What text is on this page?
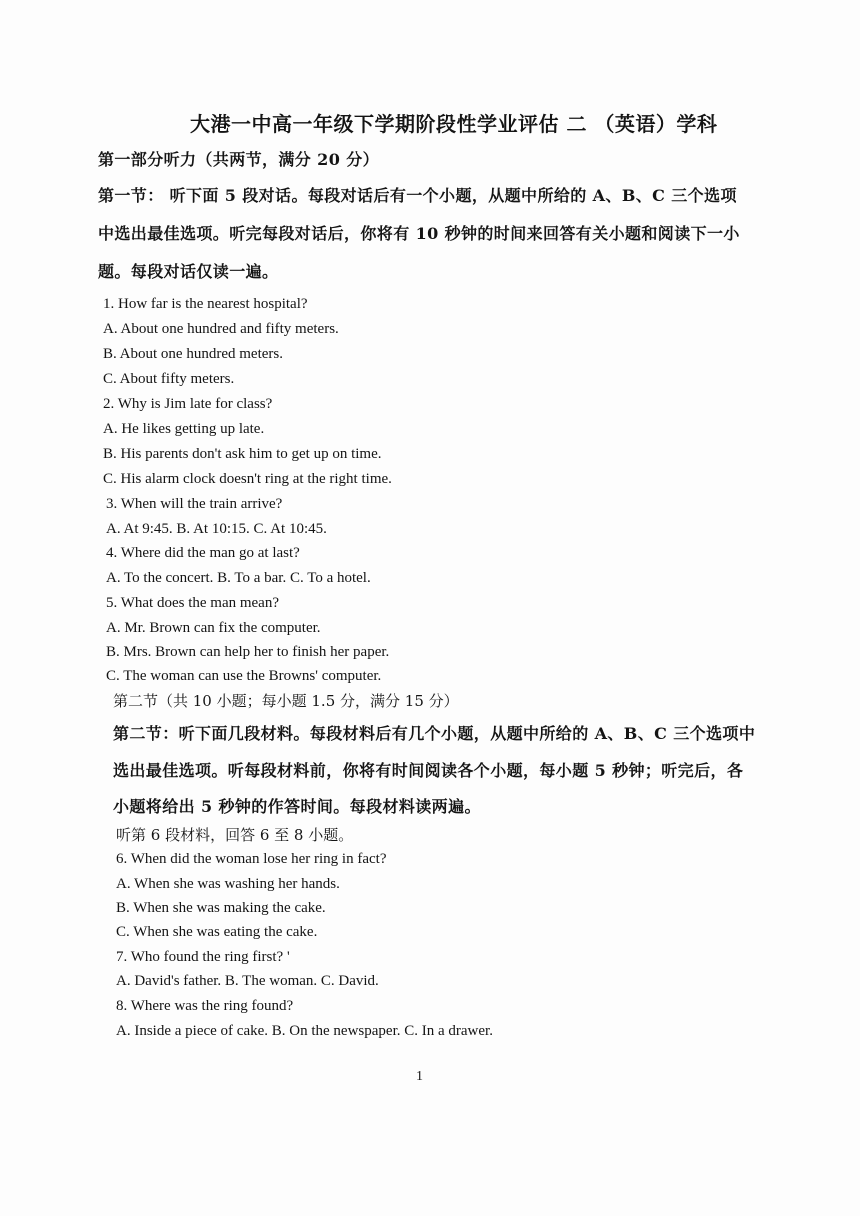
大港一中高一年级下学期阶段性学业评估 二 （英语）学科
第一部分听力（共两节，满分 20 分）
第一节： 听下面 5 段对话。每段对话后有一个小题，从题中所给的 A、B、C 三个选项
中选出最佳选项。听完每段对话后，你将有 10 秒钟的时间来回答有关小题和阅读下一小
题。每段对话仅读一遍。
1. How far is the nearest hospital?
A. About one hundred and fifty meters.
B. About one hundred meters.
C. About fifty meters.
2. Why is Jim late for class?
A. He likes getting up late.
B. His parents don't ask him to get up on time.
C. His alarm clock doesn't ring at the right time.
3. When will the train arrive?
A. At 9:45. B. At 10:15. C. At 10:45.
4. Where did the man go at last?
A. To the concert. B. To a bar. C. To a hotel.
5. What does the man mean?
A. Mr. Brown can fix the computer.
B. Mrs. Brown can help her to finish her paper.
C. The woman can use the Browns' computer.
第二节（共 10 小题；每小题 1.5 分，满分 15 分）
第二节：听下面几段材料。每段材料后有几个小题，从题中所给的 A、B、C 三个选项中
选出最佳选项。听每段材料前，你将有时间阅读各个小题，每小题 5 秒钟；听完后，各
小题将给出 5 秒钟的作答时间。每段材料读两遍。
听第 6 段材料，回答 6 至 8 小题。
6. When did the woman lose her ring in fact?
A. When she was washing her hands.
B. When she was making the cake.
C. When she was eating the cake.
7. Who found the ring first? '
A. David's father. B. The woman. C. David.
8. Where was the ring found?
A. Inside a piece of cake. B. On the newspaper. C. In a drawer.
1
